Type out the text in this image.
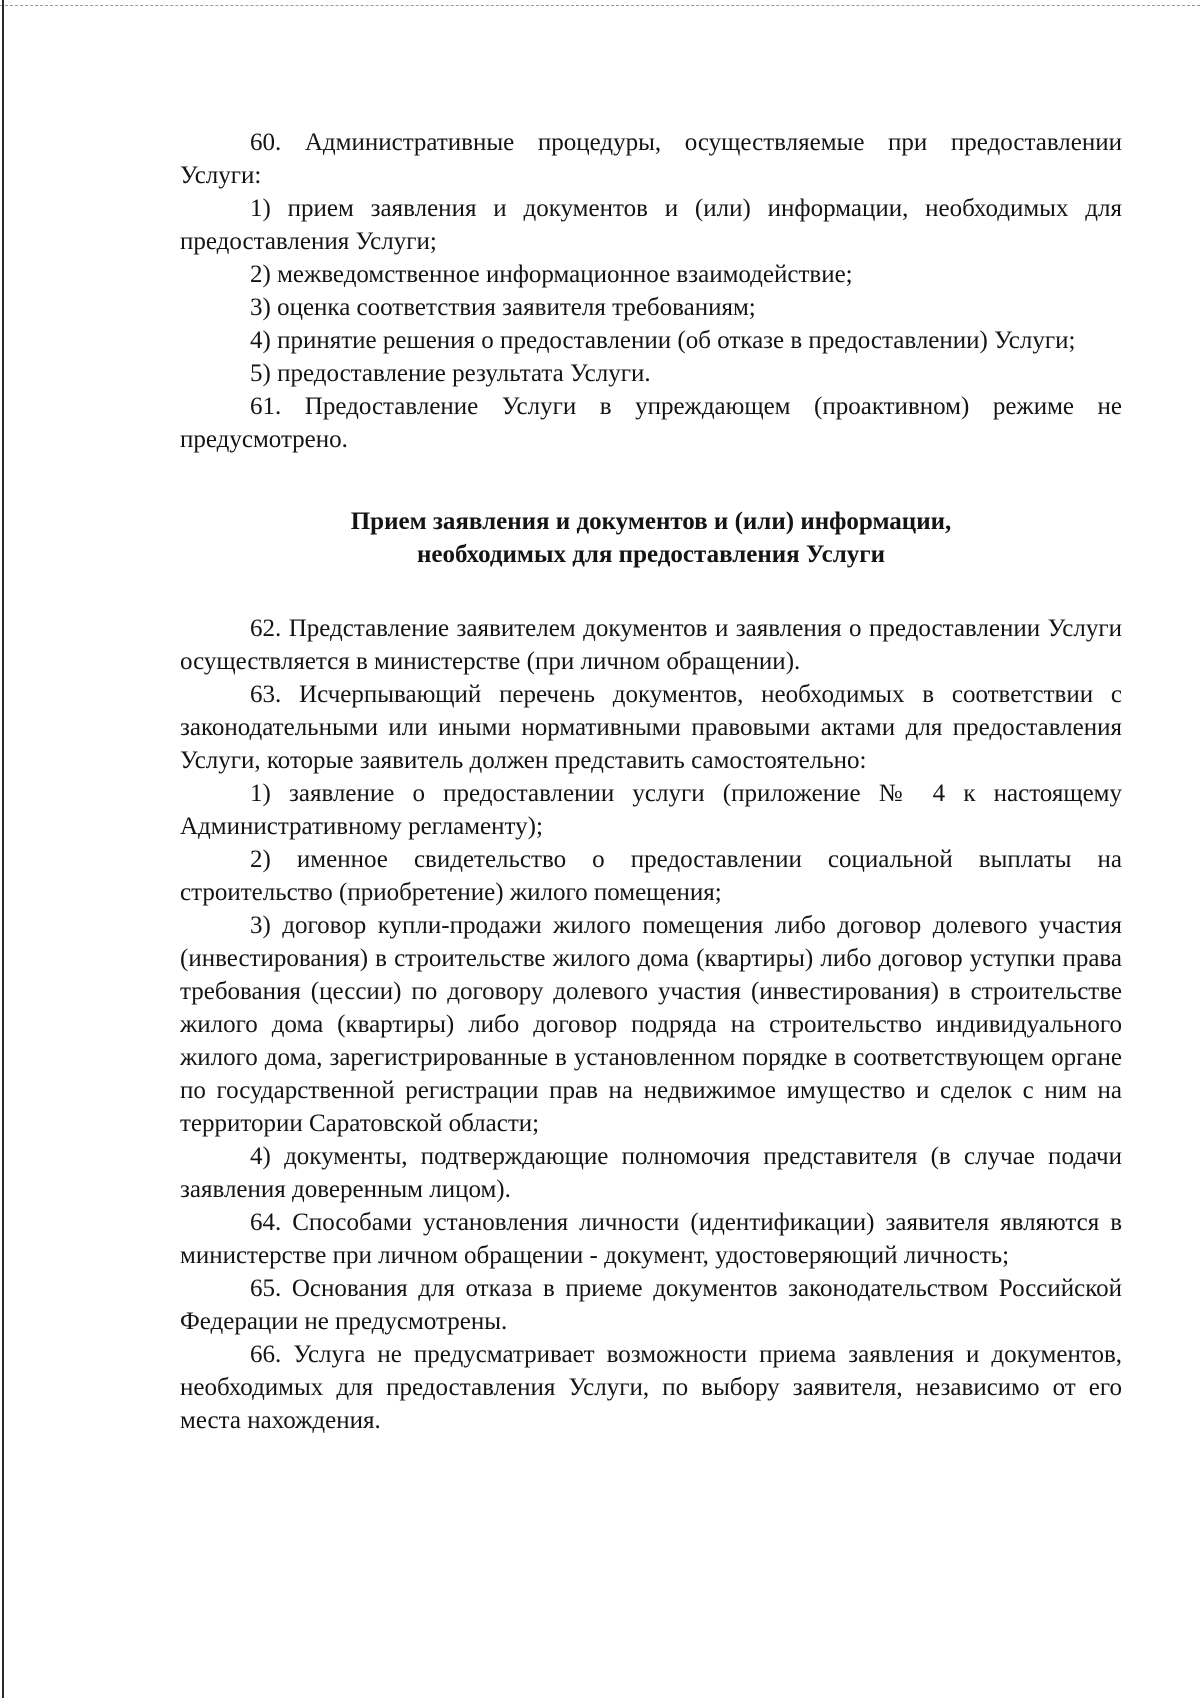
60. Административные процедуры, осуществляемые при предоставлении Услуги:

1) прием заявления и документов и (или) информации, необходимых для предоставления Услуги;

2) межведомственное информационное взаимодействие;

3) оценка соответствия заявителя требованиям;

4) принятие решения о предоставлении (об отказе в предоставлении) Услуги;

5) предоставление результата Услуги.

61. Предоставление Услуги в упреждающем (проактивном) режиме не предусмотрено.

Прием заявления и документов и (или) информации,
необходимых для предоставления Услуги

62. Представление заявителем документов и заявления о предоставлении Услуги осуществляется в министерстве (при личном обращении).

63. Исчерпывающий перечень документов, необходимых в соответствии с законодательными или иными нормативными правовыми актами для предоставления Услуги, которые заявитель должен представить самостоятельно:

1) заявление о предоставлении услуги (приложение № 4 к настоящему Административному регламенту);

2) именное свидетельство о предоставлении социальной выплаты на строительство (приобретение) жилого помещения;

3) договор купли-продажи жилого помещения либо договор долевого участия (инвестирования) в строительстве жилого дома (квартиры) либо договор уступки права требования (цессии) по договору долевого участия (инвестирования) в строительстве жилого дома (квартиры) либо договор подряда на строительство индивидуального жилого дома, зарегистрированные в установленном порядке в соответствующем органе по государственной регистрации прав на недвижимое имущество и сделок с ним на территории Саратовской области;

4) документы, подтверждающие полномочия представителя (в случае подачи заявления доверенным лицом).

64. Способами установления личности (идентификации) заявителя являются в министерстве при личном обращении - документ, удостоверяющий личность;

65. Основания для отказа в приеме документов законодательством Российской Федерации не предусмотрены.

66. Услуга не предусматривает возможности приема заявления и документов, необходимых для предоставления Услуги, по выбору заявителя, независимо от его места нахождения.
